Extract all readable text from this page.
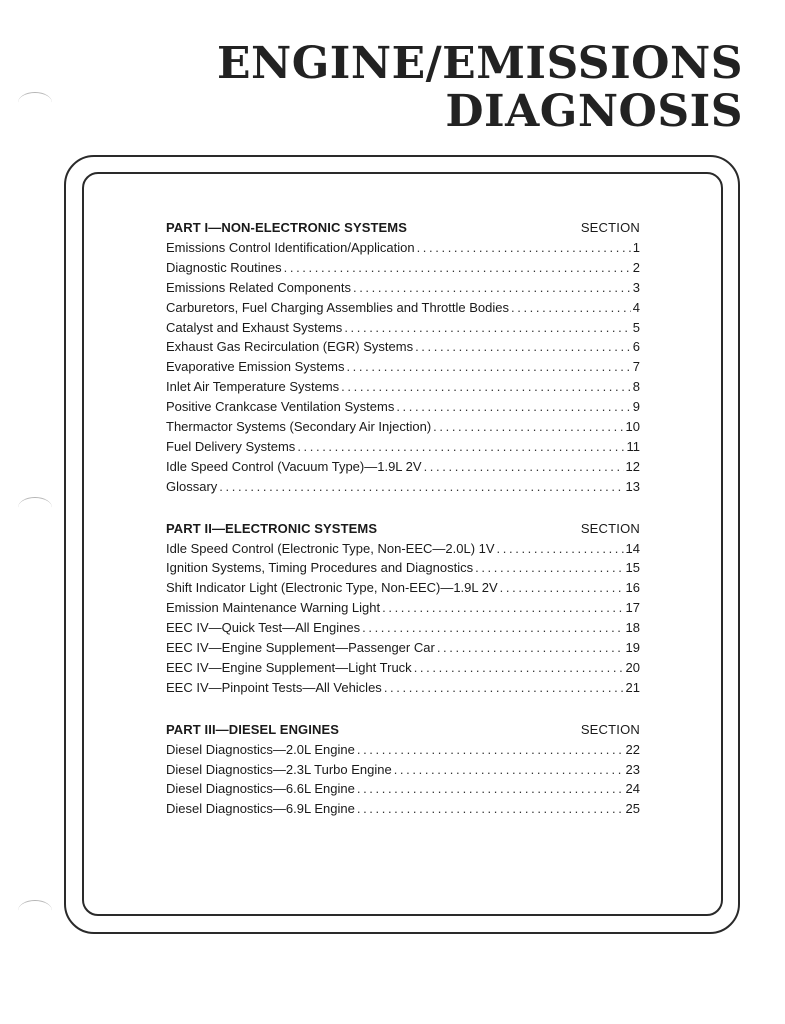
ENGINE/EMISSIONS
DIAGNOSIS
PART I—NON-ELECTRONIC SYSTEMS	SECTION
Emissions Control Identification/Application . . .	1
Diagnostic Routines . . .	2
Emissions Related Components . . .	3
Carburetors, Fuel Charging Assemblies and Throttle Bodies . . .	4
Catalyst and Exhaust Systems . . .	5
Exhaust Gas Recirculation (EGR) Systems . . .	6
Evaporative Emission Systems . . .	7
Inlet Air Temperature Systems . . .	8
Positive Crankcase Ventilation Systems . . .	9
Thermactor Systems (Secondary Air Injection) . . .	10
Fuel Delivery Systems . . .	11
Idle Speed Control (Vacuum Type)—1.9L 2V . . .	12
Glossary . . .	13
PART II—ELECTRONIC SYSTEMS	SECTION
Idle Speed Control (Electronic Type, Non-EEC—2.0L) 1V . . .	14
Ignition Systems, Timing Procedures and Diagnostics . . .	15
Shift Indicator Light (Electronic Type, Non-EEC)—1.9L 2V . . .	16
Emission Maintenance Warning Light . . .	17
EEC IV—Quick Test—All Engines . . .	18
EEC IV—Engine Supplement—Passenger Car . . .	19
EEC IV—Engine Supplement—Light Truck . . .	20
EEC IV—Pinpoint Tests—All Vehicles . . .	21
PART III—DIESEL ENGINES	SECTION
Diesel Diagnostics—2.0L Engine . . .	22
Diesel Diagnostics—2.3L Turbo Engine . . .	23
Diesel Diagnostics—6.6L Engine . . .	24
Diesel Diagnostics—6.9L Engine . . .	25
